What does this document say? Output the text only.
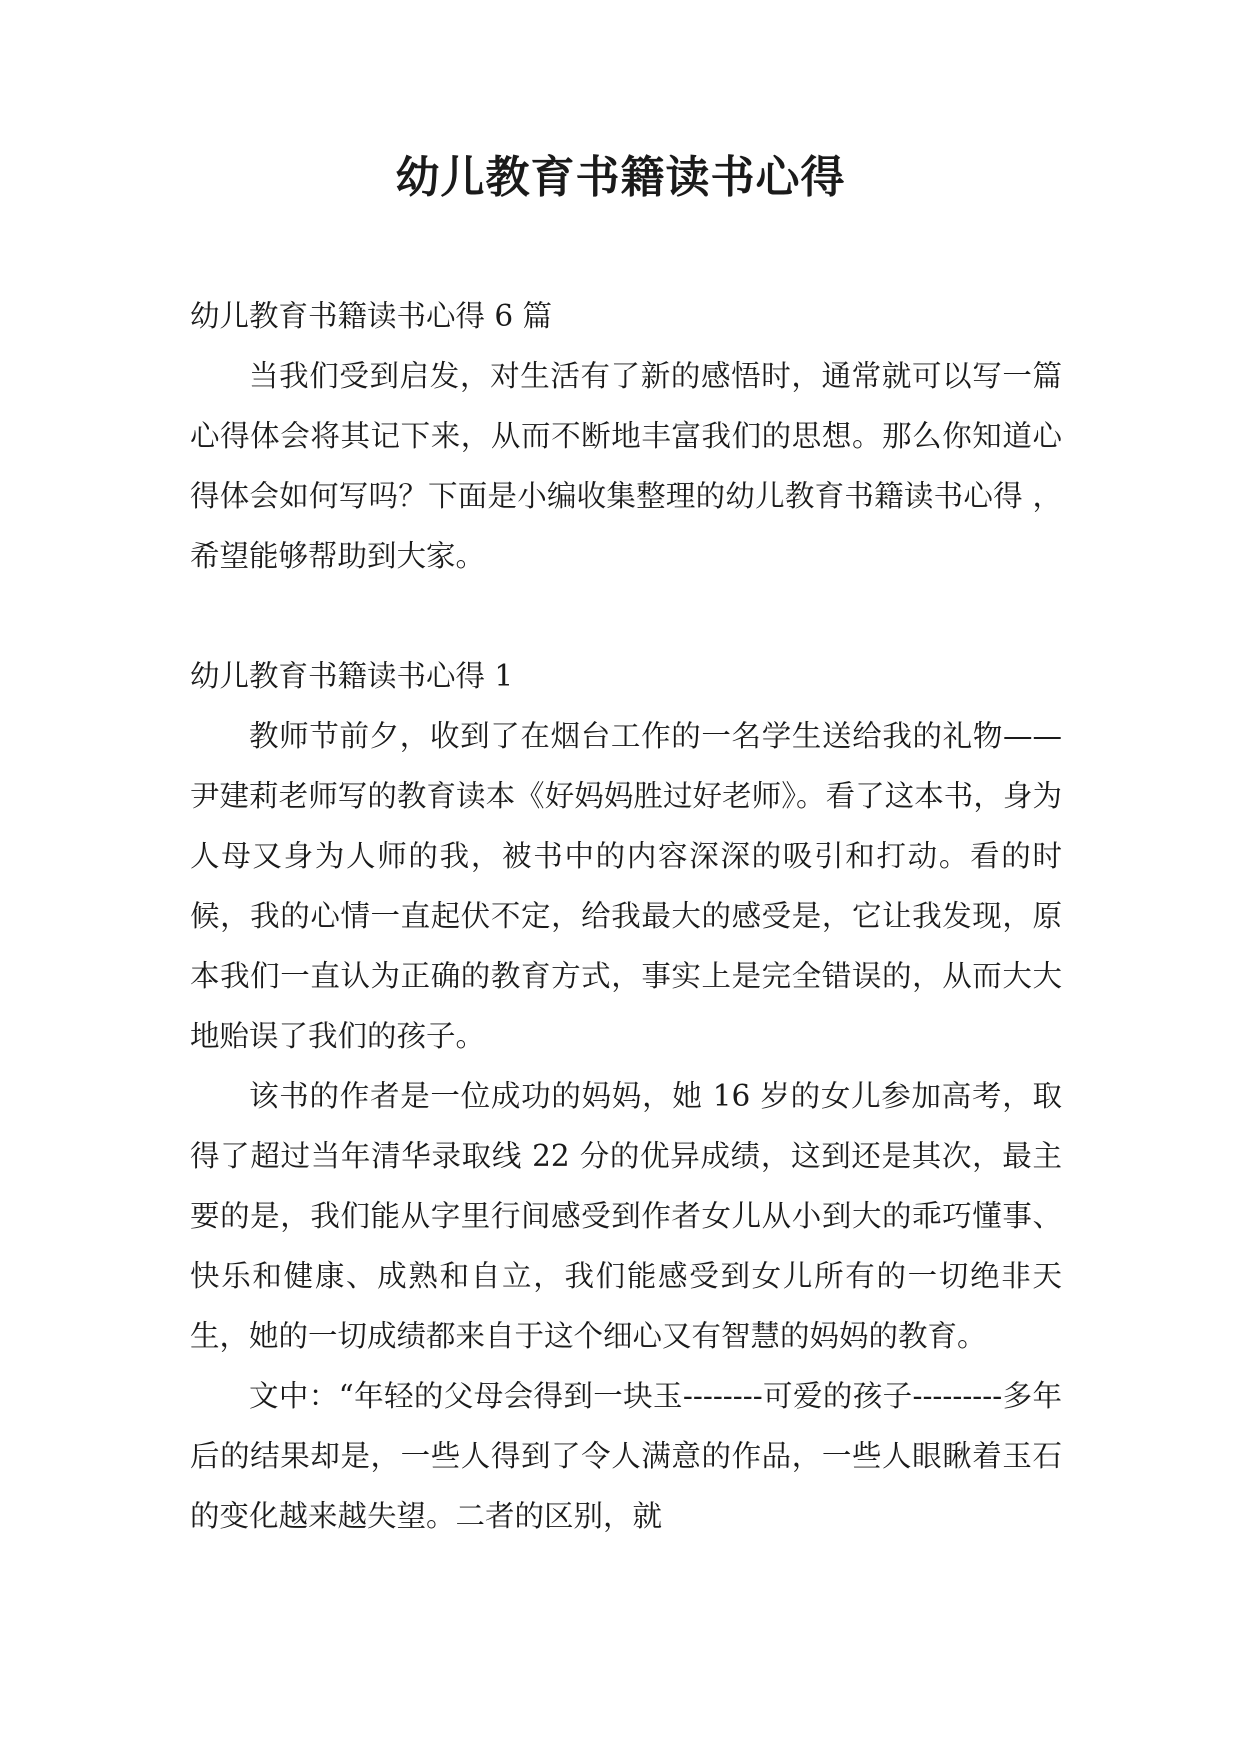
幼儿教育书籍读书心得

幼儿教育书籍读书心得 6 篇

当我们受到启发，对生活有了新的感悟时，通常就可以写一篇心得体会将其记下来，从而不断地丰富我们的思想。那么你知道心得体会如何写吗？下面是小编收集整理的幼儿教育书籍读书心得 ，希望能够帮助到大家。

幼儿教育书籍读书心得 1

教师节前夕，收到了在烟台工作的一名学生送给我的礼物——尹建莉老师写的教育读本《好妈妈胜过好老师》。看了这本书，身为人母又身为人师的我，被书中的内容深深的吸引和打动。看的时候，我的心情一直起伏不定，给我最大的感受是，它让我发现，原本我们一直认为正确的教育方式，事实上是完全错误的，从而大大地贻误了我们的孩子。

该书的作者是一位成功的妈妈，她 16 岁的女儿参加高考，取得了超过当年清华录取线 22 分的优异成绩，这到还是其次，最主要的是，我们能从字里行间感受到作者女儿从小到大的乖巧懂事、快乐和健康、成熟和自立，我们能感受到女儿所有的一切绝非天生，她的一切成绩都来自于这个细心又有智慧的妈妈的教育。

文中：“年轻的父母会得到一块玉--------可爱的孩子---------多年后的结果却是，一些人得到了令人满意的作品，一些人眼瞅着玉石的变化越来越失望。二者的区别，就
